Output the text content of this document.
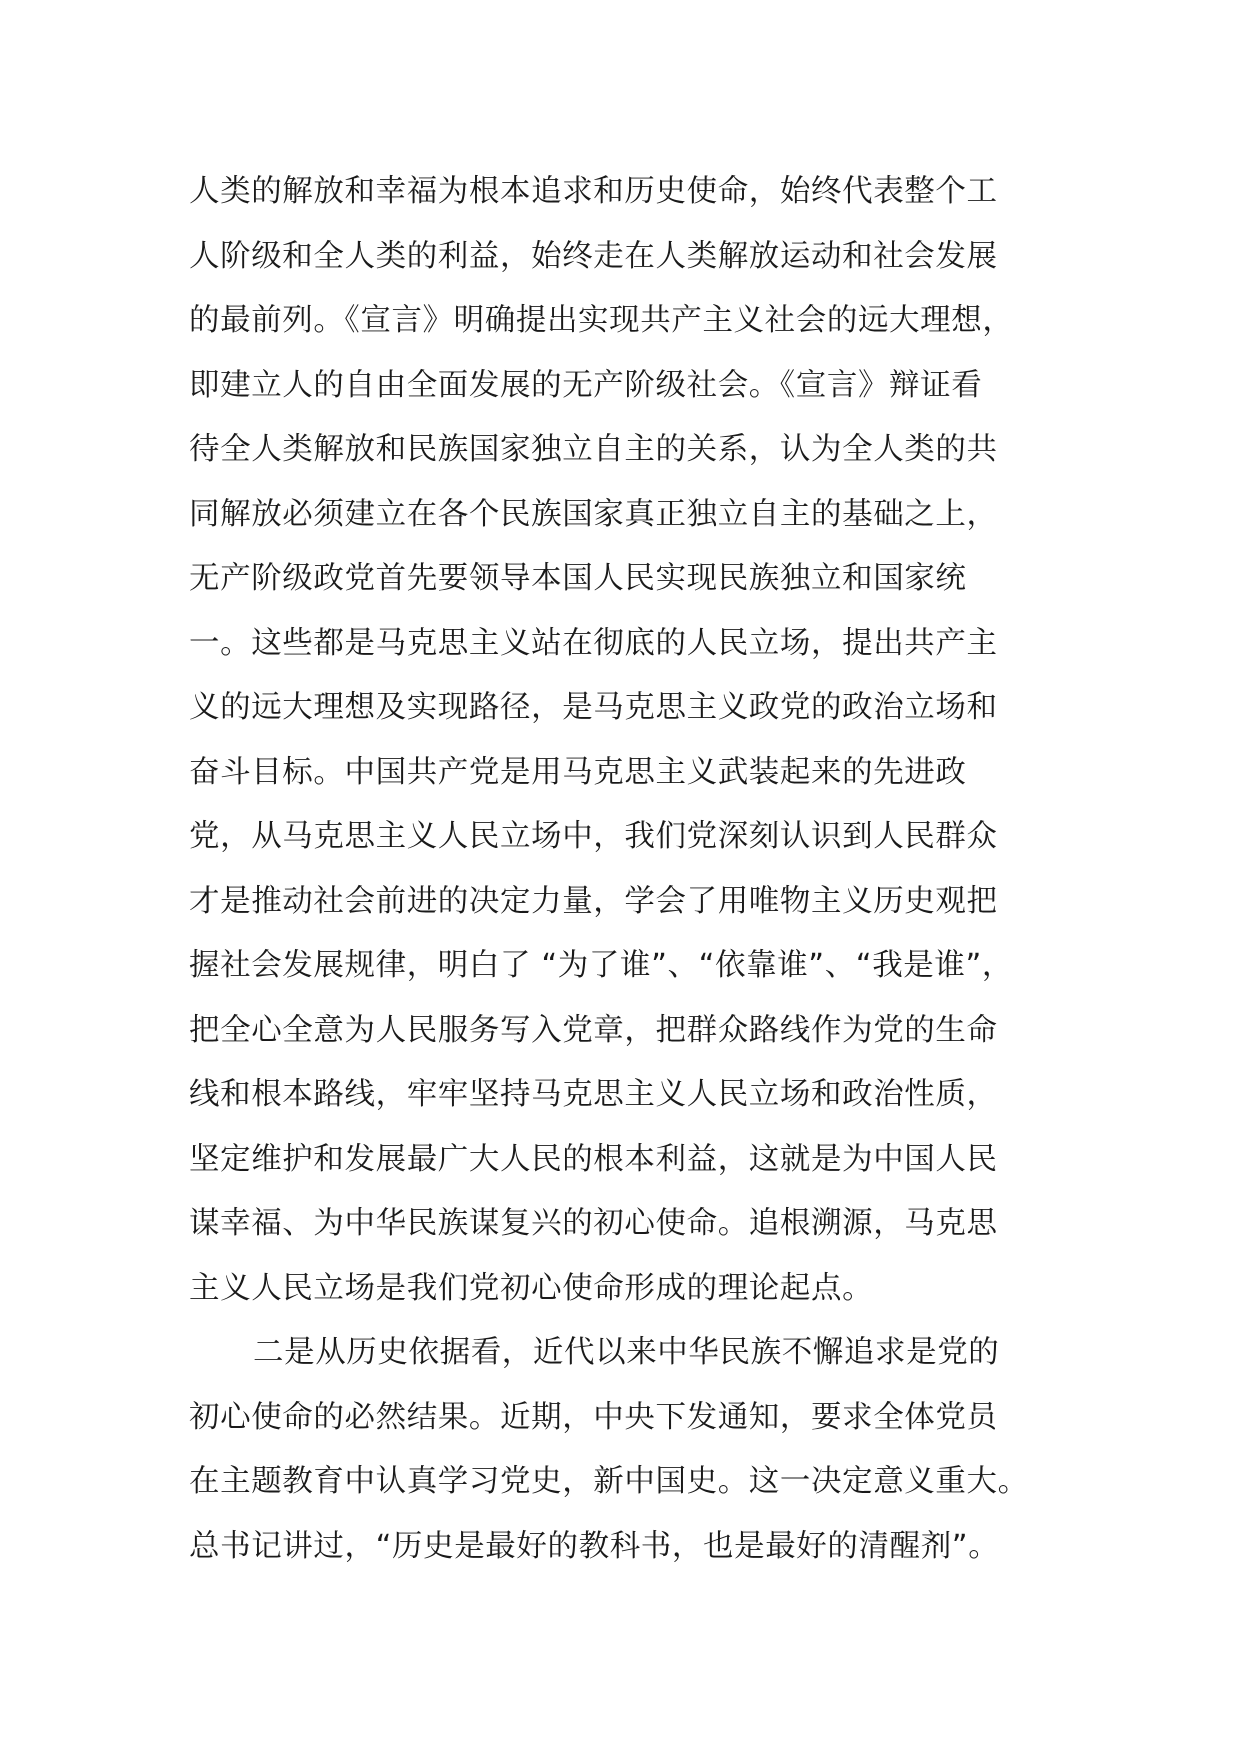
人类的解放和幸福为根本追求和历史使命，始终代表整个工
人阶级和全人类的利益，始终走在人类解放运动和社会发展
的最前列。《宣言》明确提出实现共产主义社会的远大理想，
即建立人的自由全面发展的无产阶级社会。《宣言》辩证看
待全人类解放和民族国家独立自主的关系，认为全人类的共
同解放必须建立在各个民族国家真正独立自主的基础之上，
无产阶级政党首先要领导本国人民实现民族独立和国家统
一。这些都是马克思主义站在彻底的人民立场，提出共产主
义的远大理想及实现路径，是马克思主义政党的政治立场和
奋斗目标。中国共产党是用马克思主义武装起来的先进政
党，从马克思主义人民立场中，我们党深刻认识到人民群众
才是推动社会前进的决定力量，学会了用唯物主义历史观把
握社会发展规律，明白了 “为了谁”、“依靠谁”、“我是谁”，
把全心全意为人民服务写入党章，把群众路线作为党的生命
线和根本路线，牢牢坚持马克思主义人民立场和政治性质，
坚定维护和发展最广大人民的根本利益，这就是为中国人民
谋幸福、为中华民族谋复兴的初心使命。追根溯源，马克思
主义人民立场是我们党初心使命形成的理论起点。
二是从历史依据看，近代以来中华民族不懈追求是党的
初心使命的必然结果。近期，中央下发通知，要求全体党员
在主题教育中认真学习党史，新中国史。这一决定意义重大。
总书记讲过，“历史是最好的教科书，也是最好的清醒剂”。
